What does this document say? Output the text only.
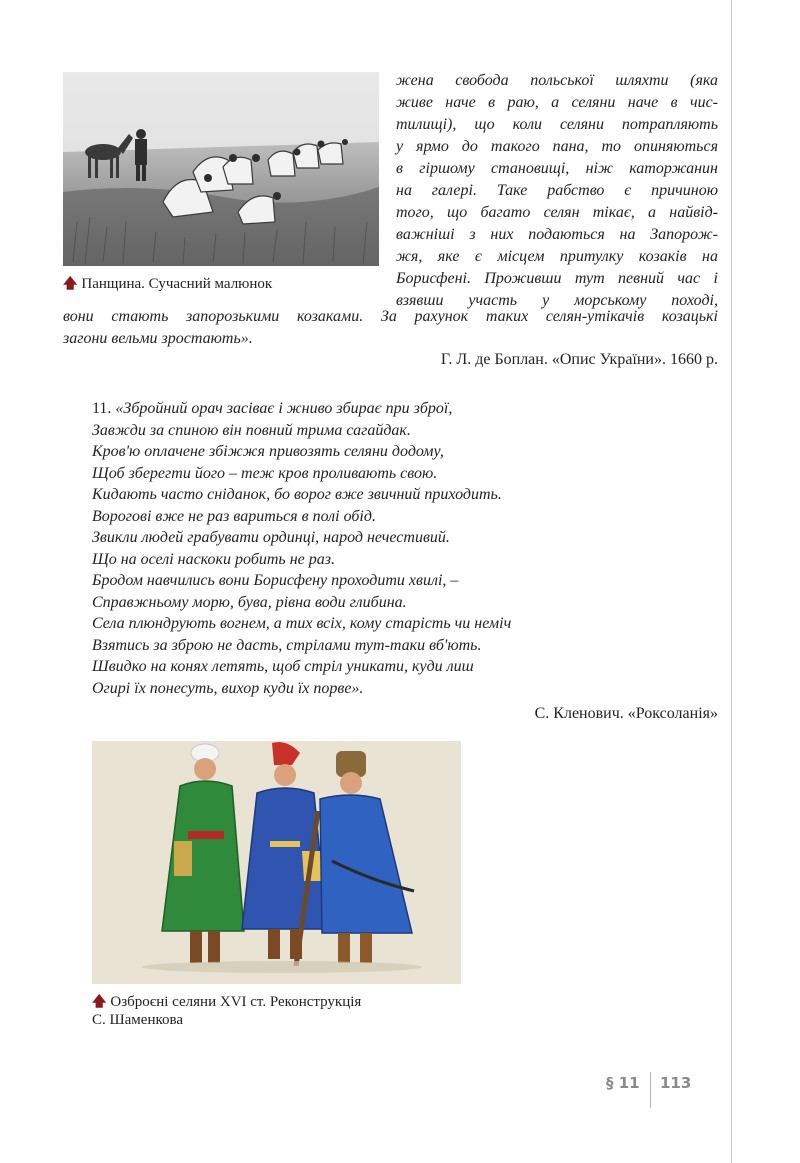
🡅 Панщина. Сучасний малюнок
жена свобода польської шляхти (яка
живе наче в раю, а селяни наче в чис-
тилищі), що коли селяни потрапляють
у ярмо до такого пана, то опиняються
в гіршому становищі, ніж каторжанин
на галері. Таке рабство є причиною
того, що багато селян тікає, а найвід-
важніші з них подаються на Запорож-
жя, яке є місцем притулку козаків на
Борисфені. Проживши тут певний час і
взявши участь у морському поході,
вони стають запорозькими козаками. За рахунок таких селян-утікачів козацькі
загони вельми зростають».
Г. Л. де Боплан. «Опис України». 1660 р.
11. «Збройний орач засіває і жниво збирає при зброї,
Завжди за спиною він повний трима сагайдак.
Кров'ю оплачене збіжжя привозять селяни додому,
Щоб зберегти його – теж кров проливають свою.
Кидають часто сніданок, бо ворог вже звичний приходить.
Ворогові вже не раз вариться в полі обід.
Звикли людей грабувати ординці, народ нечестивий.
Що на оселі наскоки робить не раз.
Бродом навчились вони Борисфену проходити хвилі, –
Справжньому морю, бува, рівна води глибина.
Села плюндрують вогнем, а тих всіх, кому старість чи неміч
Взятись за зброю не дасть, стрілами тут-таки вб'ють.
Швидко на конях летять, щоб стріл уникати, куди лиш
Огирі їх понесуть, вихор куди їх порве».
С. Кленович. «Роксоланія»
🡅 Озброєні селяни XVI ст. Реконструкція
С. Шаменкова
§ 11 113
